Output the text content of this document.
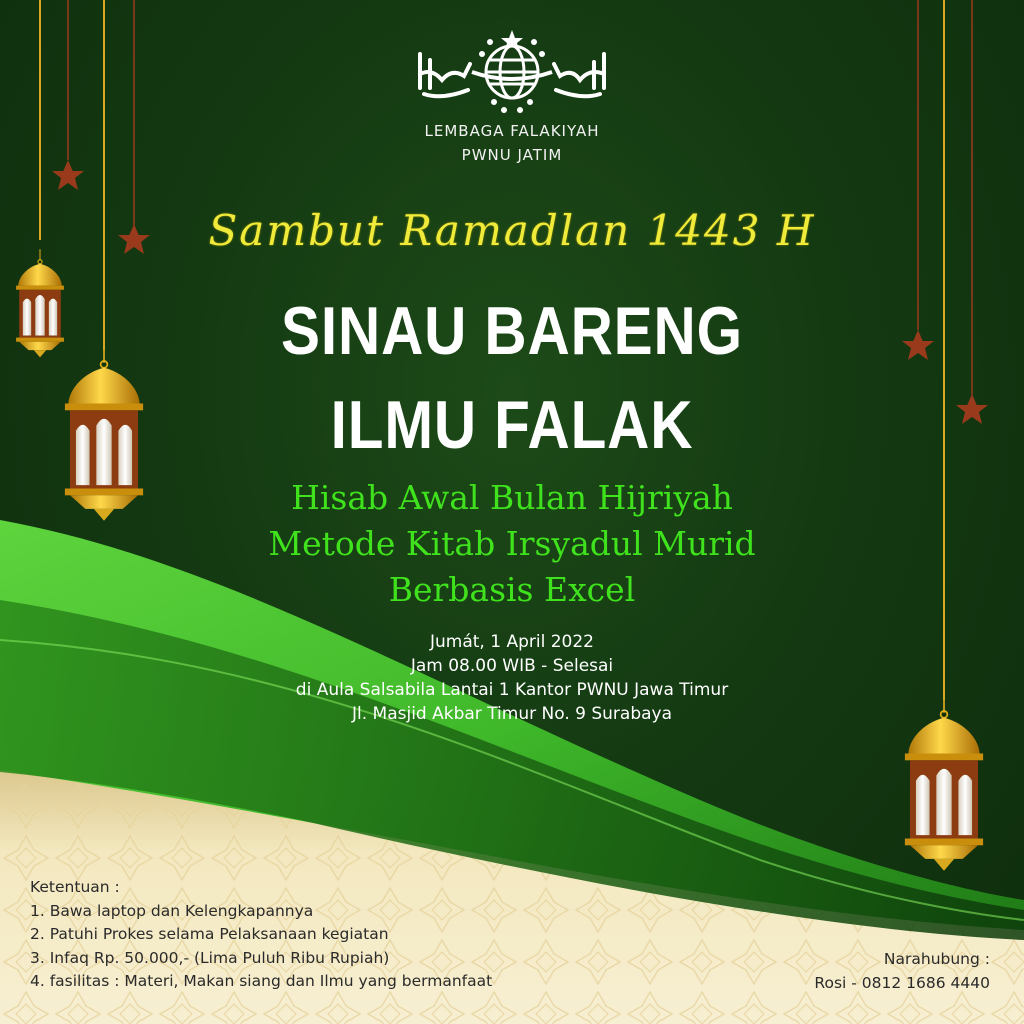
LEMBAGA FALAKIYAH
PWNU JATIM
Sambut Ramadlan 1443 H
SINAU BARENG
ILMU FALAK
Hisab Awal Bulan Hijriyah
Metode Kitab Irsyadul Murid
Berbasis Excel
Jumát, 1 April 2022
Jam 08.00 WIB - Selesai
di Aula Salsabila Lantai 1 Kantor PWNU Jawa Timur
Jl. Masjid Akbar Timur No. 9 Surabaya
Ketentuan :
1. Bawa laptop dan Kelengkapannya
2. Patuhi Prokes selama Pelaksanaan kegiatan
3. Infaq Rp. 50.000,- (Lima Puluh Ribu Rupiah)
4. fasilitas : Materi, Makan siang dan Ilmu yang bermanfaat
Narahubung :
Rosi - 0812 1686 4440
